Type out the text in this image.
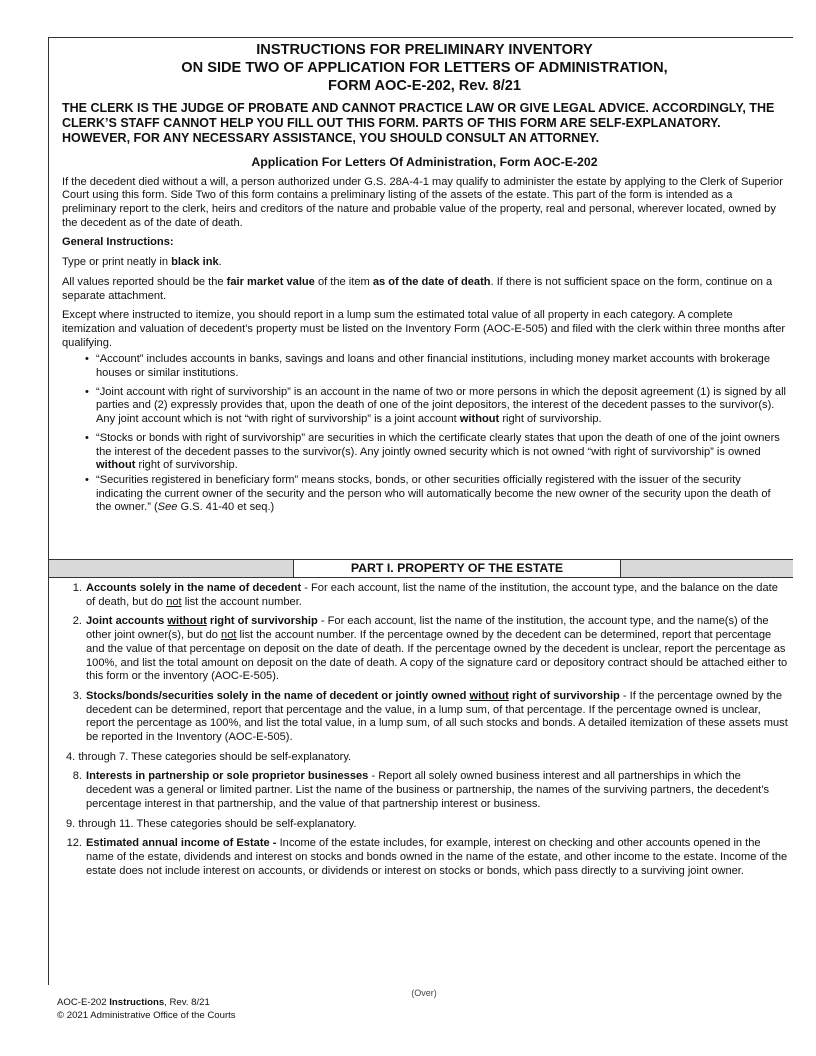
INSTRUCTIONS FOR PRELIMINARY INVENTORY
ON SIDE TWO OF APPLICATION FOR LETTERS OF ADMINISTRATION,
FORM AOC-E-202, Rev. 8/21

THE CLERK IS THE JUDGE OF PROBATE AND CANNOT PRACTICE LAW OR GIVE LEGAL ADVICE. ACCORDINGLY, THE CLERK’S STAFF CANNOT HELP YOU FILL OUT THIS FORM. PARTS OF THIS FORM ARE SELF-EXPLANATORY. HOWEVER, FOR ANY NECESSARY ASSISTANCE, YOU SHOULD CONSULT AN ATTORNEY.

Application For Letters Of Administration, Form AOC-E-202

If the decedent died without a will, a person authorized under G.S. 28A-4-1 may qualify to administer the estate by applying to the Clerk of Superior Court using this form. Side Two of this form contains a preliminary listing of the assets of the estate. This part of the form is intended as a preliminary report to the clerk, heirs and creditors of the nature and probable value of the property, real and personal, wherever located, owned by the decedent as of the date of death.

General Instructions:

Type or print neatly in black ink.

All values reported should be the fair market value of the item as of the date of death. If there is not sufficient space on the form, continue on a separate attachment.

Except where instructed to itemize, you should report in a lump sum the estimated total value of all property in each category. A complete itemization and valuation of decedent’s property must be listed on the Inventory Form (AOC-E-505) and filed with the clerk within three months after qualifying.

• “Account” includes accounts in banks, savings and loans and other financial institutions, including money market accounts with brokerage houses or similar institutions.
• “Joint account with right of survivorship” is an account in the name of two or more persons in which the deposit agreement (1) is signed by all parties and (2) expressly provides that, upon the death of one of the joint depositors, the interest of the decedent passes to the survivor(s). Any joint account which is not “with right of survivorship” is a joint account without right of survivorship.
• “Stocks or bonds with right of survivorship” are securities in which the certificate clearly states that upon the death of one of the joint owners the interest of the decedent passes to the survivor(s). Any jointly owned security which is not owned “with right of survivorship” is owned without right of survivorship.
• “Securities registered in beneficiary form” means stocks, bonds, or other securities officially registered with the issuer of the security indicating the current owner of the security and the person who will automatically become the new owner of the security upon the death of the owner.” (See G.S. 41-40 et seq.)
PART I. PROPERTY OF THE ESTATE
1. Accounts solely in the name of decedent - For each account, list the name of the institution, the account type, and the balance on the date of death, but do not list the account number.
2. Joint accounts without right of survivorship - For each account, list the name of the institution, the account type, and the name(s) of the other joint owner(s), but do not list the account number. If the percentage owned by the decedent can be determined, report that percentage and the value of that percentage on deposit on the date of death. If the percentage owned by the decedent is unclear, report the percentage as 100%, and list the total amount on deposit on the date of death. A copy of the signature card or depository contract should be attached either to this form or the inventory (AOC-E-505).
3. Stocks/bonds/securities solely in the name of decedent or jointly owned without right of survivorship - If the percentage owned by the decedent can be determined, report that percentage and the value, in a lump sum, of that percentage. If the percentage owned is unclear, report the percentage as 100%, and list the total value, in a lump sum, of all such stocks and bonds. A detailed itemization of these assets must be reported in the Inventory (AOC-E-505).
4. through 7. These categories should be self-explanatory.
8. Interests in partnership or sole proprietor businesses - Report all solely owned business interest and all partnerships in which the decedent was a general or limited partner. List the name of the business or partnership, the names of the surviving partners, the decedent’s percentage interest in that partnership, and the value of that partnership interest or business.
9. through 11. These categories should be self-explanatory.
12. Estimated annual income of Estate - Income of the estate includes, for example, interest on checking and other accounts opened in the name of the estate, dividends and interest on stocks and bonds owned in the name of the estate, and other income to the estate. Income of the estate does not include interest on accounts, or dividends or interest on stocks or bonds, which pass directly to a surviving joint owner.
(Over)
AOC-E-202 Instructions, Rev. 8/21
© 2021 Administrative Office of the Courts
